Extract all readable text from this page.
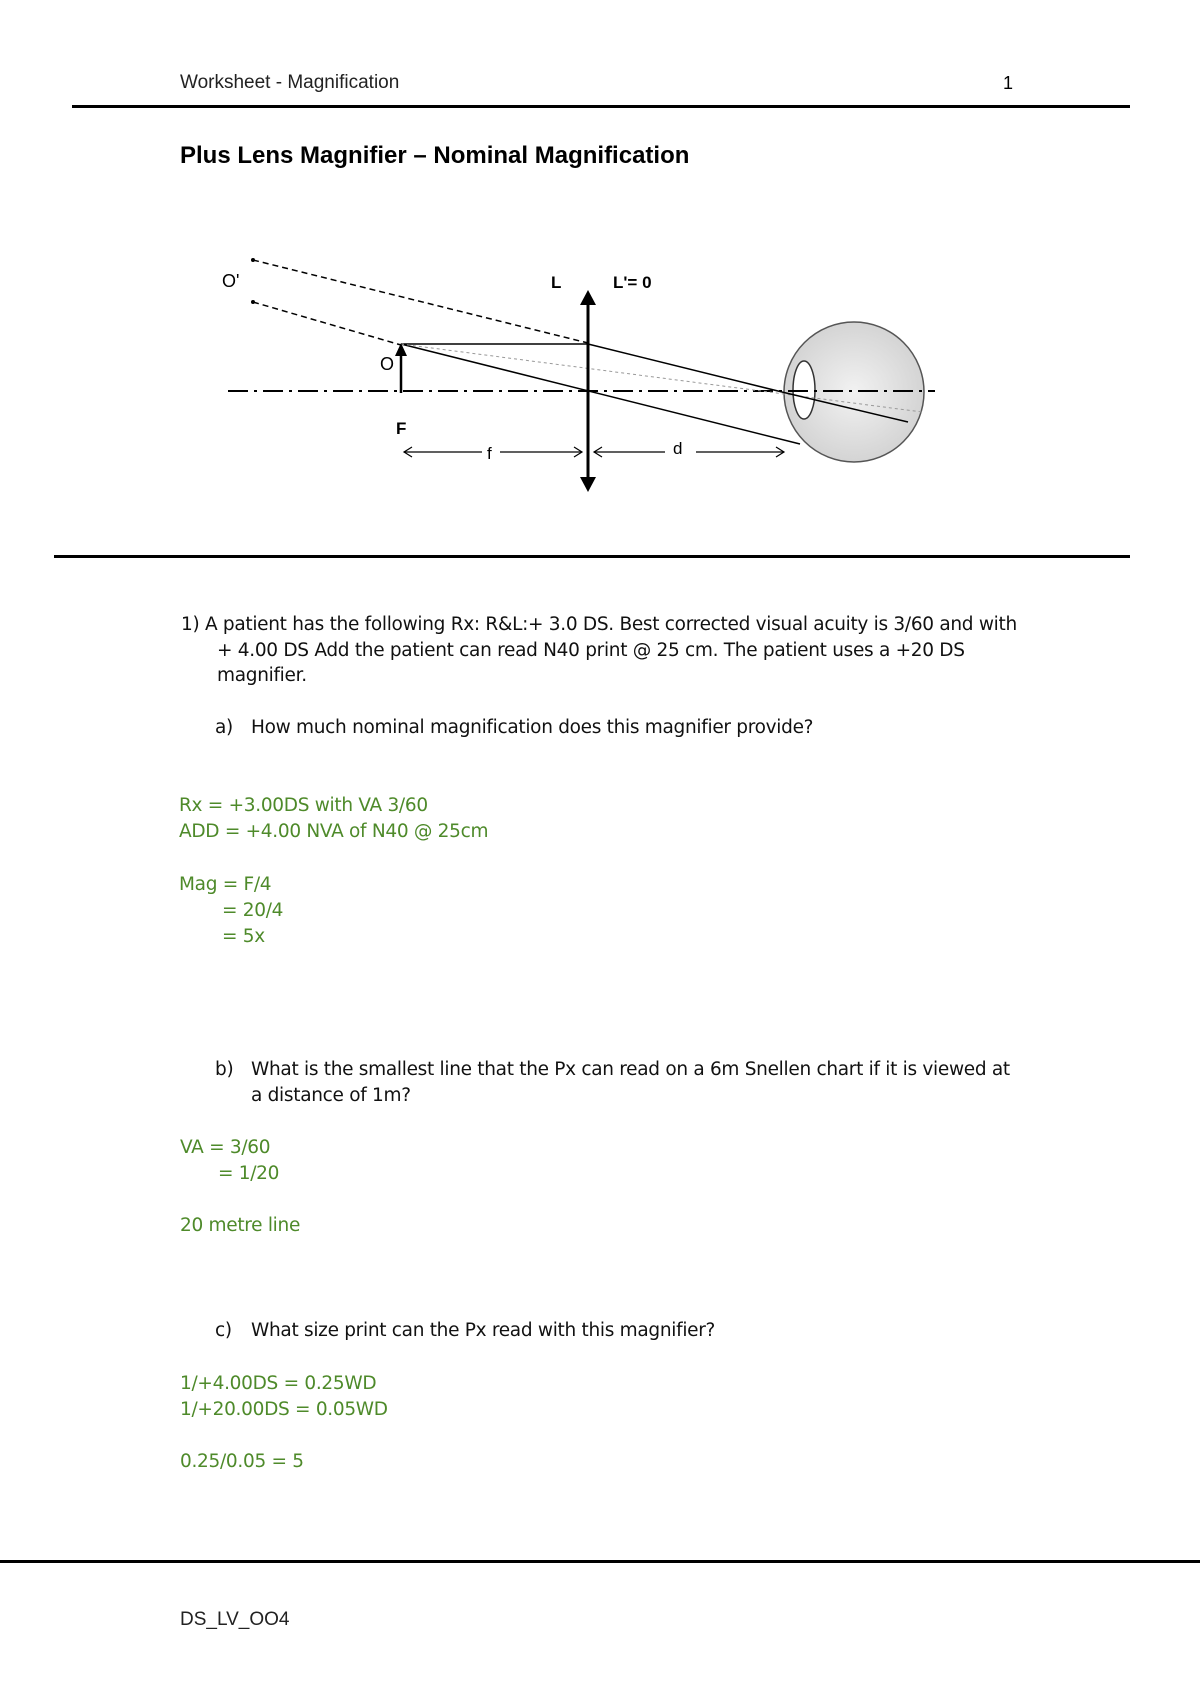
Worksheet - Magnification	1
Plus Lens Magnifier – Nominal Magnification
O'
O
F
L	L'= 0
f	d
1) A patient has the following Rx: R&L:+ 3.0 DS. Best corrected visual acuity is 3/60 and with
+ 4.00 DS Add the patient can read N40 print @ 25 cm. The patient uses a +20 DS
magnifier.
a) How much nominal magnification does this magnifier provide?
Rx = +3.00DS with VA 3/60
ADD = +4.00 NVA of N40 @ 25cm
Mag = F/4
= 20/4
= 5x
b) What is the smallest line that the Px can read on a 6m Snellen chart if it is viewed at
a distance of 1m?
VA = 3/60
= 1/20
20 metre line
c) What size print can the Px read with this magnifier?
1/+4.00DS = 0.25WD
1/+20.00DS = 0.05WD
0.25/0.05 = 5
DS_LV_OO4
